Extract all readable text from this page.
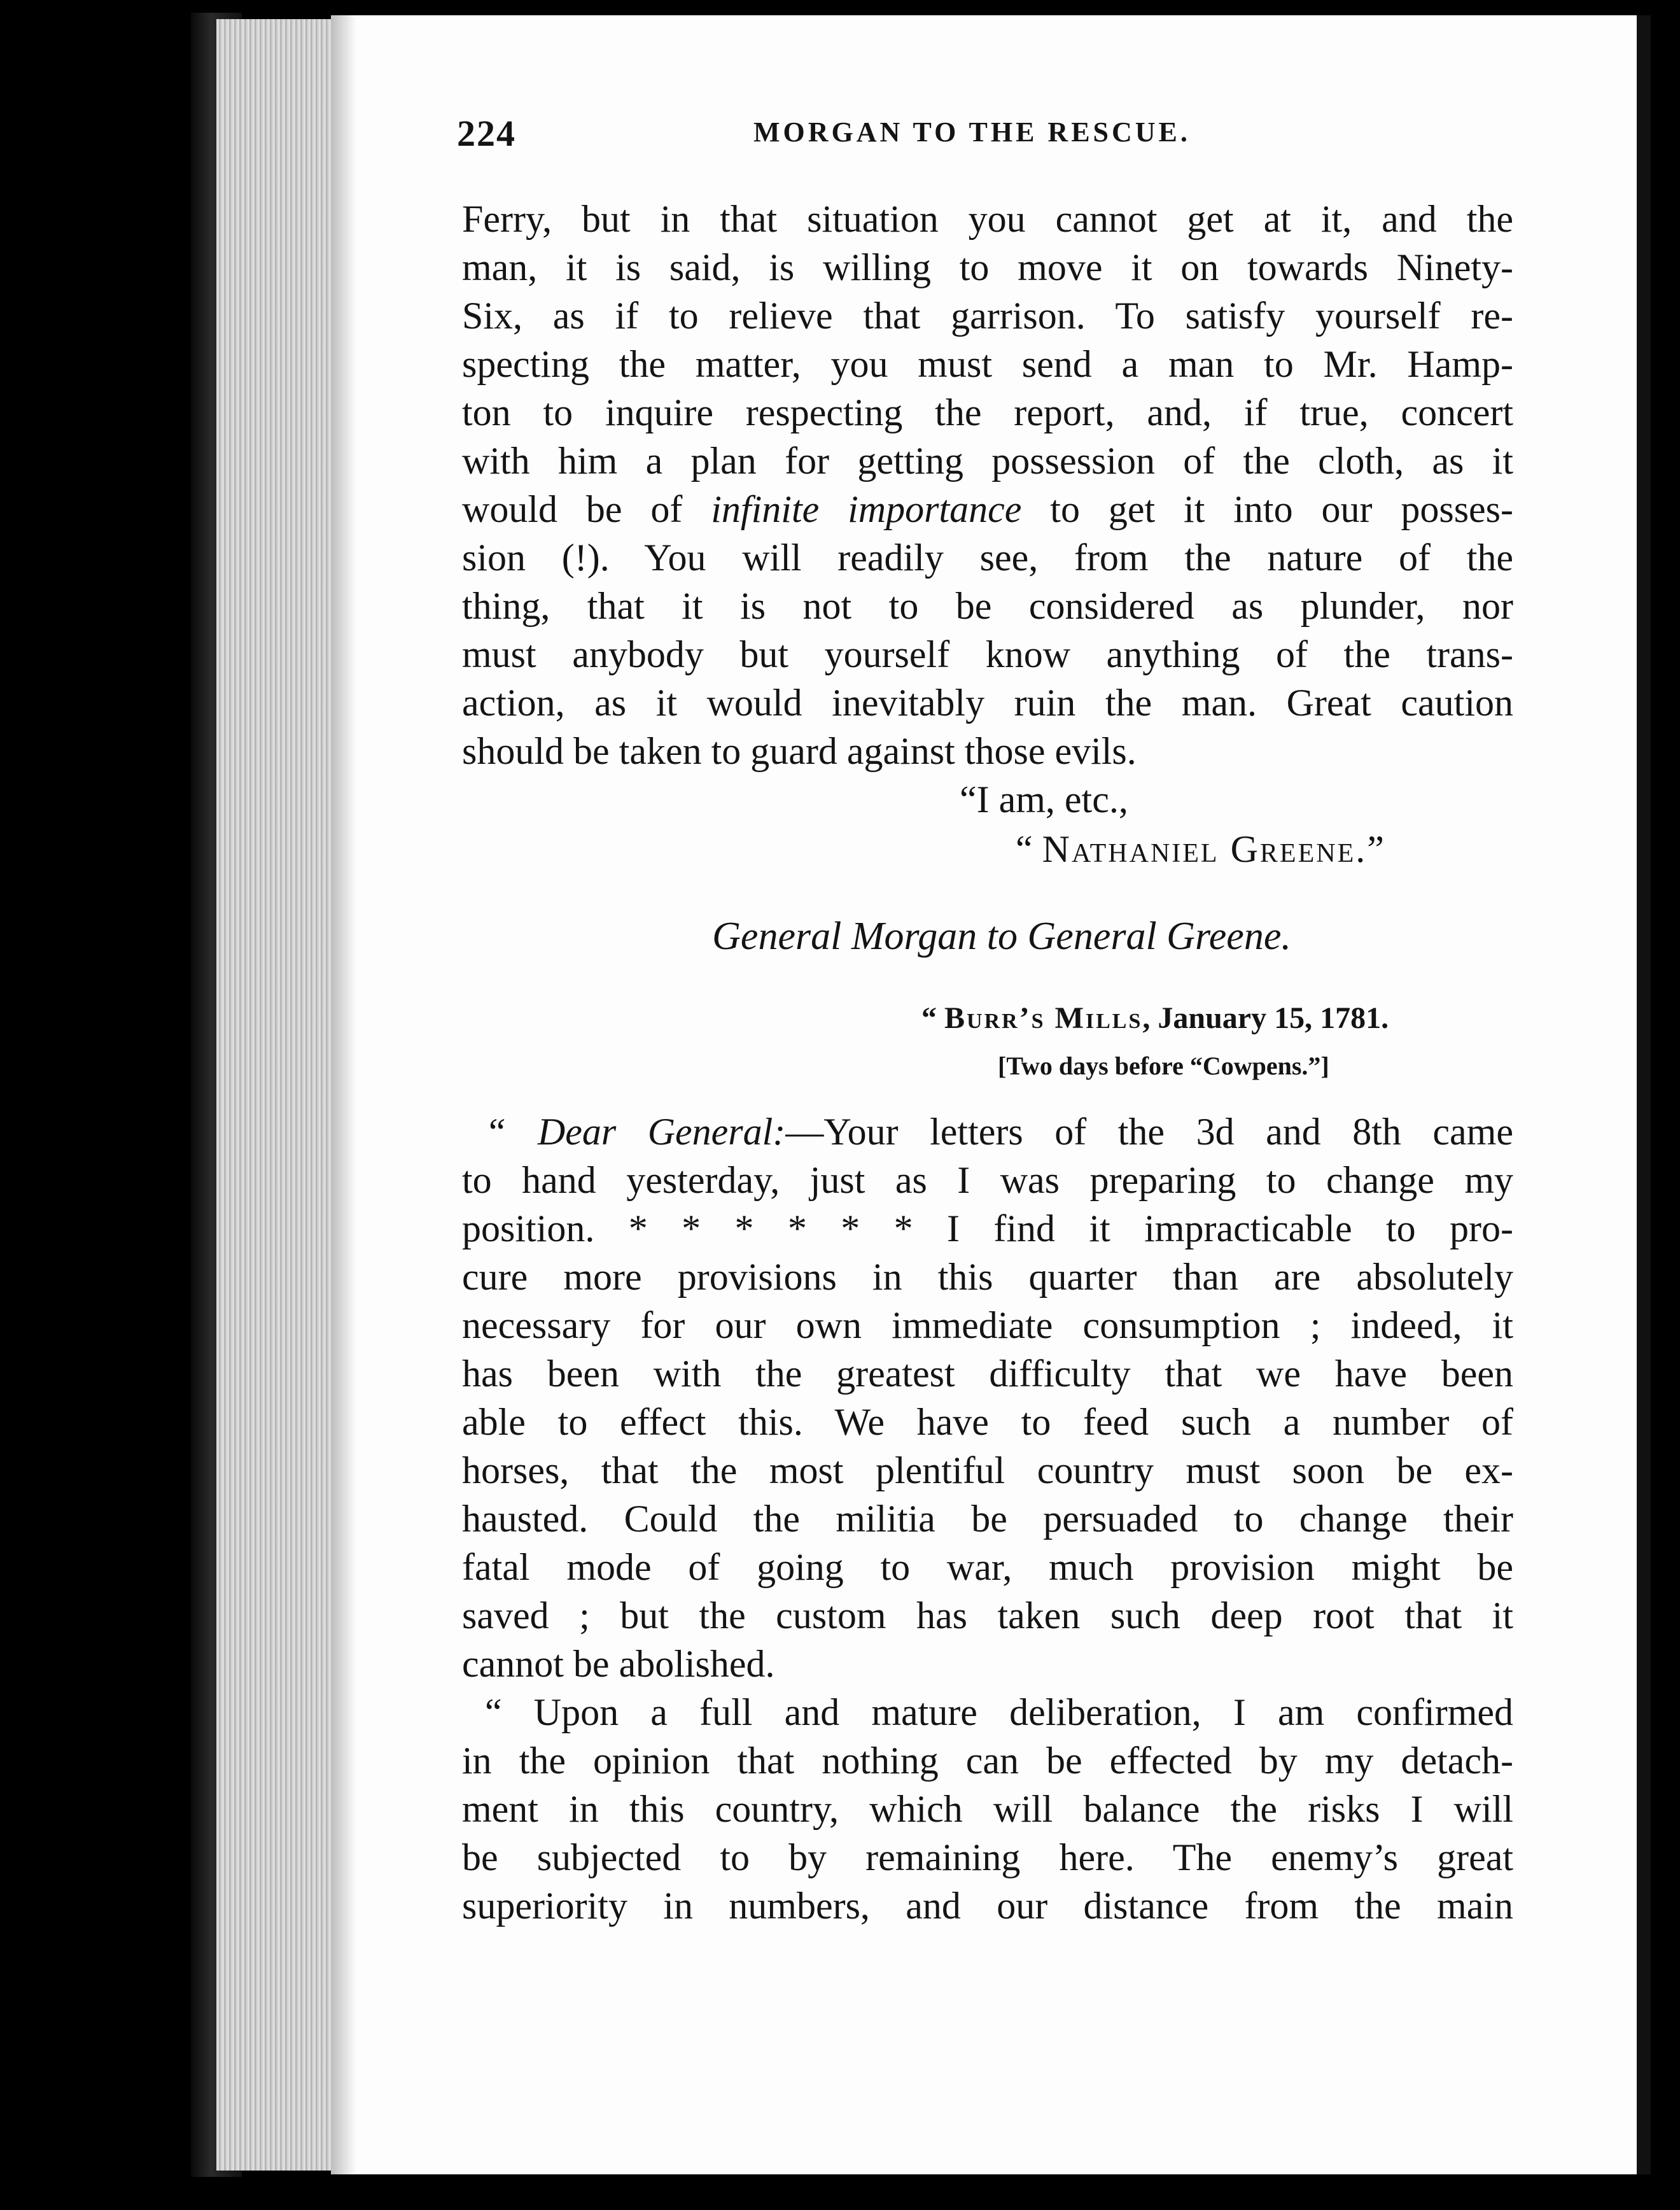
224	MORGAN TO THE RESCUE.
Ferry, but in that situation you cannot get at it, and the
man, it is said, is willing to move it on towards Ninety-
Six, as if to relieve that garrison. To satisfy yourself re-
specting the matter, you must send a man to Mr. Hamp-
ton to inquire respecting the report, and, if true, concert
with him a plan for getting possession of the cloth, as it
would be of infinite importance to get it into our posses-
sion (!). You will readily see, from the nature of the
thing, that it is not to be considered as plunder, nor
must anybody but yourself know anything of the trans-
action, as it would inevitably ruin the man. Great caution
should be taken to guard against those evils.
“I am, etc.,
“ Nathaniel Greene.”
General Morgan to General Greene.
“ Burr’s Mills, January 15, 1781.
[Two days before “Cowpens.”]
“ Dear General:—Your letters of the 3d and 8th came
to hand yesterday, just as I was preparing to change my
position. * * * * * * I find it impracticable to pro-
cure more provisions in this quarter than are absolutely
necessary for our own immediate consumption ; indeed, it
has been with the greatest difficulty that we have been
able to effect this. We have to feed such a number of
horses, that the most plentiful country must soon be ex-
hausted. Could the militia be persuaded to change their
fatal mode of going to war, much provision might be
saved ; but the custom has taken such deep root that it
cannot be abolished.
“ Upon a full and mature deliberation, I am confirmed
in the opinion that nothing can be effected by my detach-
ment in this country, which will balance the risks I will
be subjected to by remaining here. The enemy’s great
superiority in numbers, and our distance from the main
